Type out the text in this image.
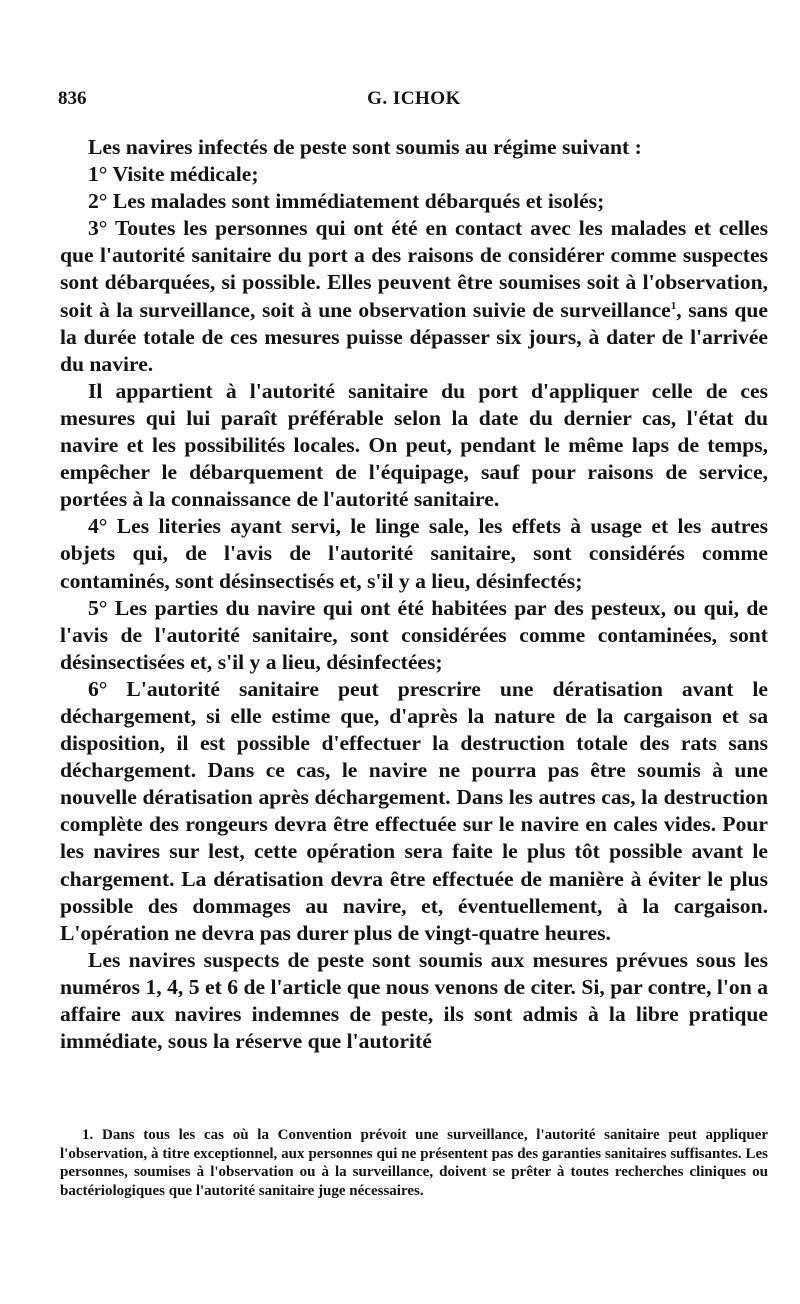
836	G. ICHOK

Les navires infectés de peste sont soumis au régime suivant :

1° Visite médicale;

2° Les malades sont immédiatement débarqués et isolés;

3° Toutes les personnes qui ont été en contact avec les malades et celles que l'autorité sanitaire du port a des raisons de considérer comme suspectes sont débarquées, si possible. Elles peuvent être soumises soit à l'observation, soit à la surveillance, soit à une observation suivie de surveillance$^1$, sans que la durée totale de ces mesures puisse dépasser six jours, à dater de l'arrivée du navire.

Il appartient à l'autorité sanitaire du port d'appliquer celle de ces mesures qui lui paraît préférable selon la date du dernier cas, l'état du navire et les possibilités locales. On peut, pendant le même laps de temps, empêcher le débarquement de l'équipage, sauf pour raisons de service, portées à la connaissance de l'autorité sanitaire.

4° Les literies ayant servi, le linge sale, les effets à usage et les autres objets qui, de l'avis de l'autorité sanitaire, sont considérés comme contaminés, sont désinsectisés et, s'il y a lieu, désinfectés;

5° Les parties du navire qui ont été habitées par des pesteux, ou qui, de l'avis de l'autorité sanitaire, sont considérées comme contaminées, sont désinsectisées et, s'il y a lieu, désinfectées;

6° L'autorité sanitaire peut prescrire une dératisation avant le déchargement, si elle estime que, d'après la nature de la cargaison et sa disposition, il est possible d'effectuer la destruction totale des rats sans déchargement. Dans ce cas, le navire ne pourra pas être soumis à une nouvelle dératisation après déchargement. Dans les autres cas, la destruction complète des rongeurs devra être effectuée sur le navire en cales vides. Pour les navires sur lest, cette opération sera faite le plus tôt possible avant le chargement. La dératisation devra être effectuée de manière à éviter le plus possible des dommages au navire, et, éventuellement, à la cargaison. L'opération ne devra pas durer plus de vingt-quatre heures.

Les navires suspects de peste sont soumis aux mesures prévues sous les numéros 1, 4, 5 et 6 de l'article que nous venons de citer. Si, par contre, l'on a affaire aux navires indemnes de peste, ils sont admis à la libre pratique immédiate, sous la réserve que l'autorité

1. Dans tous les cas où la Convention prévoit une surveillance, l'autorité sanitaire peut appliquer l'observation, à titre exceptionnel, aux personnes qui ne présentent pas des garanties sanitaires suffisantes. Les personnes, soumises à l'observation ou à la surveillance, doivent se prêter à toutes recherches cliniques ou bactériologiques que l'autorité sanitaire juge nécessaires.
